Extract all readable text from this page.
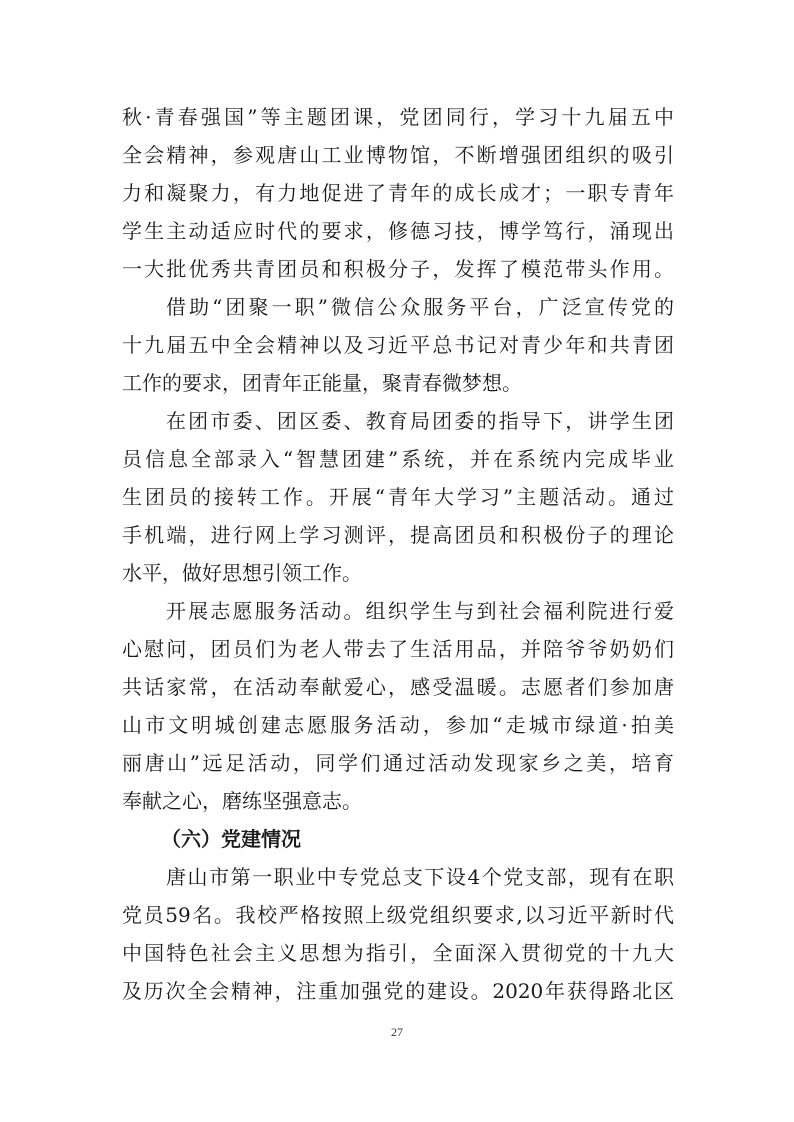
秋·青春强国”等主题团课，党团同行，学习十九届五中
全会精神，参观唐山工业博物馆，不断增强团组织的吸引
力和凝聚力，有力地促进了青年的成长成才；一职专青年
学生主动适应时代的要求，修德习技，博学笃行，涌现出
一大批优秀共青团员和积极分子，发挥了模范带头作用。
借助“团聚一职”微信公众服务平台，广泛宣传党的
十九届五中全会精神以及习近平总书记对青少年和共青团
工作的要求，团青年正能量，聚青春微梦想。
在团市委、团区委、教育局团委的指导下，讲学生团
员信息全部录入“智慧团建”系统，并在系统内完成毕业
生团员的接转工作。开展“青年大学习”主题活动。通过
手机端，进行网上学习测评，提高团员和积极份子的理论
水平，做好思想引领工作。
开展志愿服务活动。组织学生与到社会福利院进行爱
心慰问，团员们为老人带去了生活用品，并陪爷爷奶奶们
共话家常，在活动奉献爱心，感受温暖。志愿者们参加唐
山市文明城创建志愿服务活动，参加“走城市绿道·拍美
丽唐山”远足活动，同学们通过活动发现家乡之美，培育
奉献之心，磨练坚强意志。
（六）党建情况
唐山市第一职业中专党总支下设4个党支部，现有在职
党员59名。我校严格按照上级党组织要求,以习近平新时代
中国特色社会主义思想为指引，全面深入贯彻党的十九大
及历次全会精神，注重加强党的建设。2020年获得路北区
27
